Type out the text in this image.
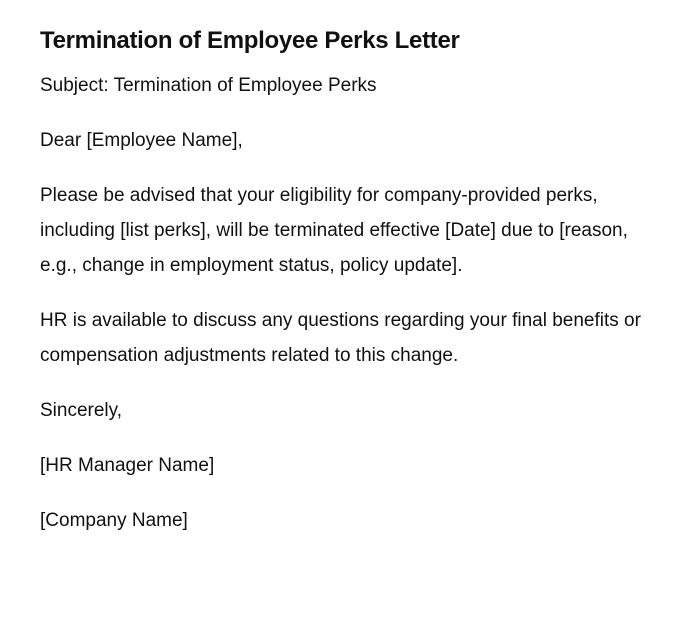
Termination of Employee Perks Letter

Subject: Termination of Employee Perks

Dear [Employee Name],

Please be advised that your eligibility for company-provided perks, including [list perks], will be terminated effective [Date] due to [reason, e.g., change in employment status, policy update].

HR is available to discuss any questions regarding your final benefits or compensation adjustments related to this change.

Sincerely,

[HR Manager Name]

[Company Name]
